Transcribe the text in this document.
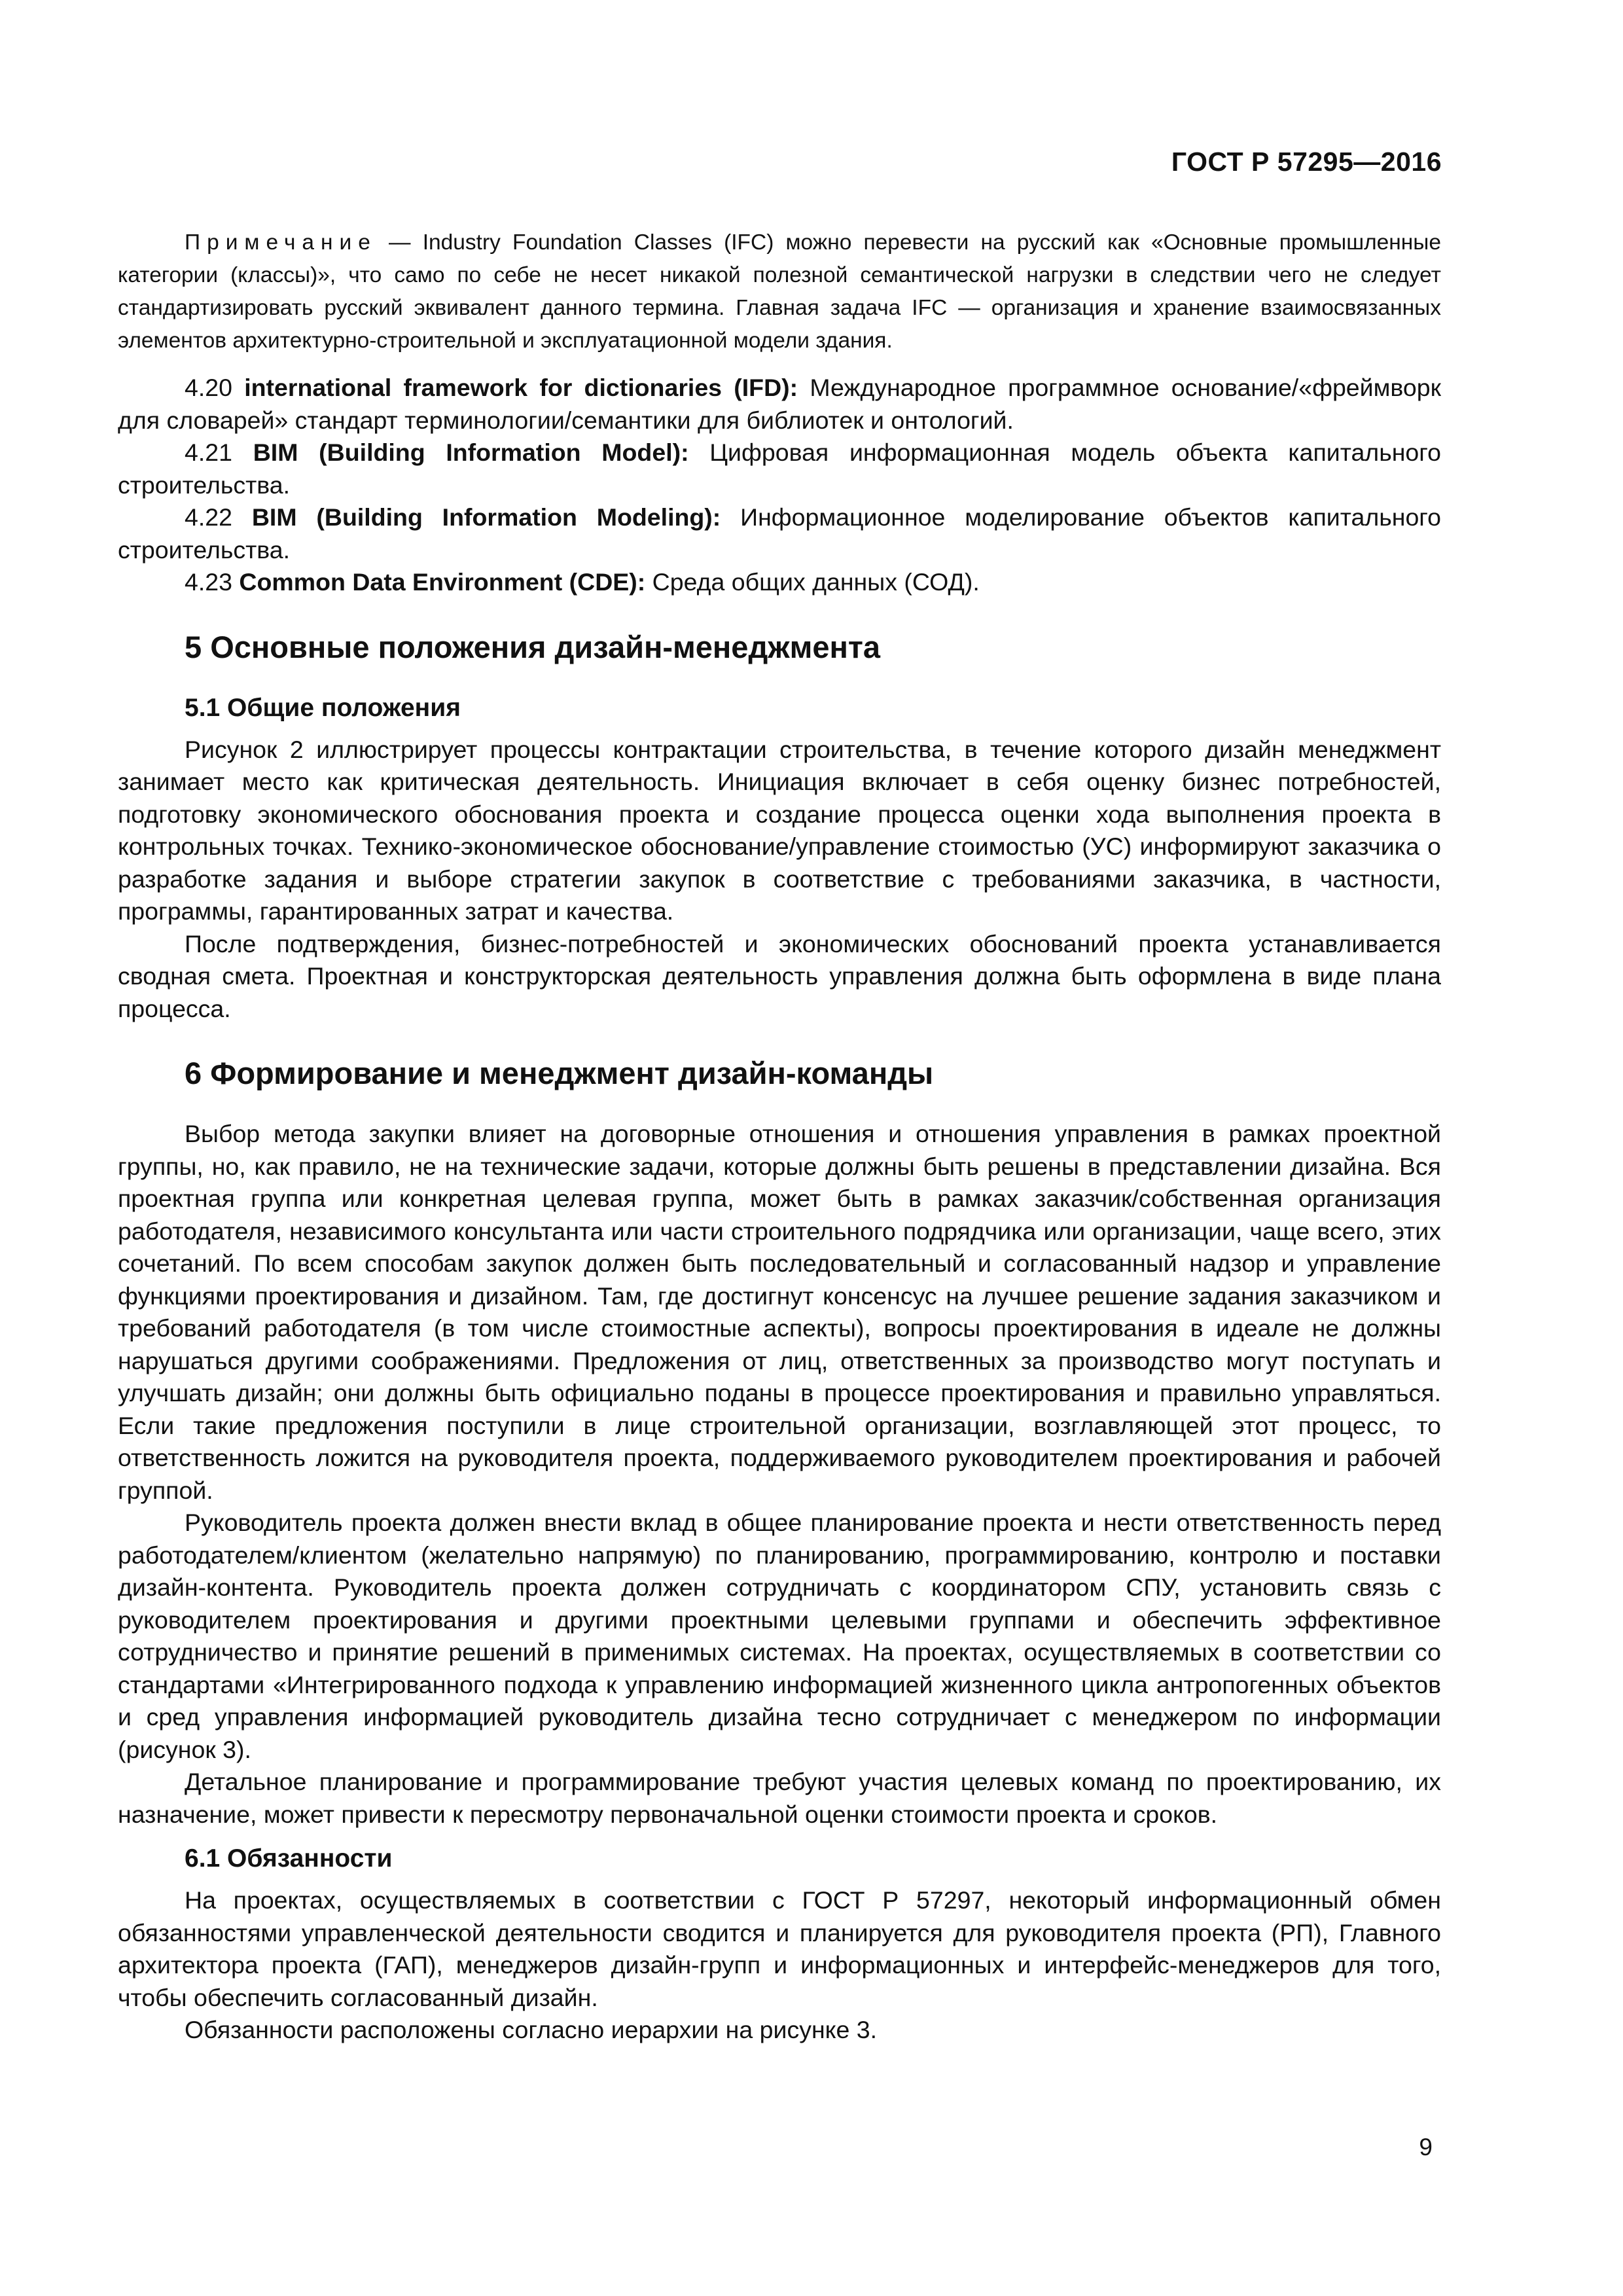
ГОСТ Р 57295—2016

Примечание — Industry Foundation Classes (IFC) можно перевести на русский как «Основные промышленные категории (классы)», что само по себе не несет никакой полезной семантической нагрузки в следствии чего не следует стандартизировать русский эквивалент данного термина. Главная задача IFC — организация и хранение взаимосвязанных элементов архитектурно-строительной и эксплуатационной модели здания.

4.20 international framework for dictionaries (IFD): Международное программное основание/«фреймворк для словарей» стандарт терминологии/семантики для библиотек и онтологий.

4.21 BIM (Building Information Model): Цифровая информационная модель объекта капитального строительства.

4.22 BIM (Building Information Modeling): Информационное моделирование объектов капитального строительства.

4.23 Common Data Environment (CDE): Среда общих данных (СОД).

5 Основные положения дизайн-менеджмента
5.1 Общие положения

Рисунок 2 иллюстрирует процессы контрактации строительства, в течение которого дизайн менеджмент занимает место как критическая деятельность. Инициация включает в себя оценку бизнес потребностей, подготовку экономического обоснования проекта и создание процесса оценки хода выполнения проекта в контрольных точках. Технико-экономическое обоснование/управление стоимостью (УС) информируют заказчика о разработке задания и выборе стратегии закупок в соответствие с требованиями заказчика, в частности, программы, гарантированных затрат и качества.

После подтверждения, бизнес-потребностей и экономических обоснований проекта устанавливается сводная смета. Проектная и конструкторская деятельность управления должна быть оформлена в виде плана процесса.

6 Формирование и менеджмент дизайн-команды

Выбор метода закупки влияет на договорные отношения и отношения управления в рамках проектной группы, но, как правило, не на технические задачи, которые должны быть решены в представлении дизайна. Вся проектная группа или конкретная целевая группа, может быть в рамках заказчик/собственная организация работодателя, независимого консультанта или части строительного подрядчика или организации, чаще всего, этих сочетаний. По всем способам закупок должен быть последовательный и согласованный надзор и управление функциями проектирования и дизайном. Там, где достигнут консенсус на лучшее решение задания заказчиком и требований работодателя (в том числе стоимостные аспекты), вопросы проектирования в идеале не должны нарушаться другими соображениями. Предложения от лиц, ответственных за производство могут поступать и улучшать дизайн; они должны быть официально поданы в процессе проектирования и правильно управляться. Если такие предложения поступили в лице строительной организации, возглавляющей этот процесс, то ответственность ложится на руководителя проекта, поддерживаемого руководителем проектирования и рабочей группой.

Руководитель проекта должен внести вклад в общее планирование проекта и нести ответственность перед работодателем/клиентом (желательно напрямую) по планированию, программированию, контролю и поставки дизайн-контента. Руководитель проекта должен сотрудничать с координатором СПУ, установить связь с руководителем проектирования и другими проектными целевыми группами и обеспечить эффективное сотрудничество и принятие решений в применимых системах. На проектах, осуществляемых в соответствии со стандартами «Интегрированного подхода к управлению информацией жизненного цикла антропогенных объектов и сред управления информацией руководитель дизайна тесно сотрудничает с менеджером по информации (рисунок 3).

Детальное планирование и программирование требуют участия целевых команд по проектированию, их назначение, может привести к пересмотру первоначальной оценки стоимости проекта и сроков.

6.1 Обязанности

На проектах, осуществляемых в соответствии с ГОСТ Р 57297, некоторый информационный обмен обязанностями управленческой деятельности сводится и планируется для руководителя проекта (РП), Главного архитектора проекта (ГАП), менеджеров дизайн-групп и информационных и интерфейс-менеджеров для того, чтобы обеспечить согласованный дизайн.

Обязанности расположены согласно иерархии на рисунке 3.

9
